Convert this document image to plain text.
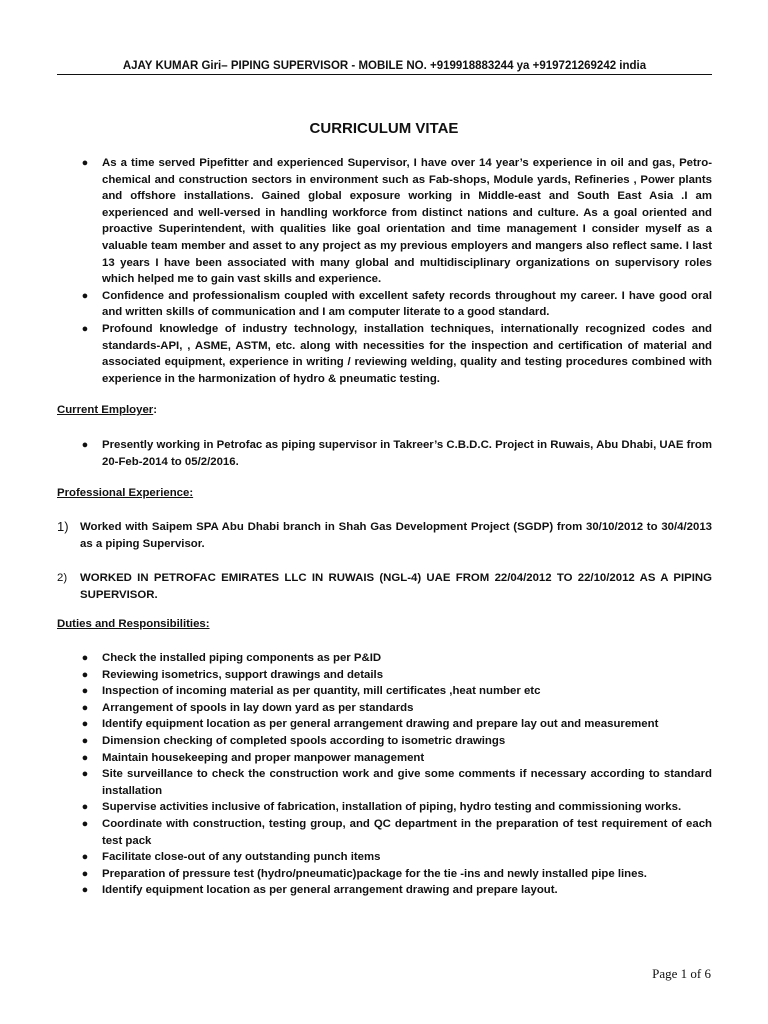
AJAY KUMAR Giri– PIPING SUPERVISOR - MOBILE NO. +919918883244 ya +919721269242 india
CURRICULUM VITAE
● As a time served Pipefitter and experienced Supervisor, I have over 14 year’s experience in oil and gas, Petro-chemical and construction sectors in environment such as Fab-shops, Module yards, Refineries , Power plants and offshore installations. Gained global exposure working in Middle-east and South East Asia .I am experienced and well-versed in handling workforce from distinct nations and culture. As a goal oriented and proactive Superintendent, with qualities like goal orientation and time management I consider myself as a valuable team member and asset to any project as my previous employers and mangers also reflect same. I last 13 years I have been associated with many global and multidisciplinary organizations on supervisory roles which helped me to gain vast skills and experience.
● Confidence and professionalism coupled with excellent safety records throughout my career. I have good oral and written skills of communication and I am computer literate to a good standard.
● Profound knowledge of industry technology, installation techniques, internationally recognized codes and standards-API, , ASME, ASTM, etc. along with necessities for the inspection and certification of material and associated equipment, experience in writing / reviewing welding, quality and testing procedures combined with experience in the harmonization of hydro & pneumatic testing.
Current Employer:
● Presently working in Petrofac as piping supervisor in Takreer’s C.B.D.C. Project in Ruwais, Abu Dhabi, UAE from 20-Feb-2014 to 05/2/2016.
Professional Experience:
1) Worked with Saipem SPA Abu Dhabi branch in Shah Gas Development Project (SGDP) from 30/10/2012 to 30/4/2013 as a piping Supervisor.
2) WORKED IN PETROFAC EMIRATES LLC IN RUWAIS (NGL-4) UAE FROM 22/04/2012 TO 22/10/2012 AS A PIPING SUPERVISOR.
Duties and Responsibilities:
● Check the installed piping components as per P&ID
● Reviewing isometrics, support drawings and details
● Inspection of incoming material as per quantity, mill certificates ,heat number etc
● Arrangement of spools in lay down yard as per standards
● Identify equipment location as per general arrangement drawing and prepare lay out and measurement
● Dimension checking of completed spools according to isometric drawings
● Maintain housekeeping and proper manpower management
● Site surveillance to check the construction work and give some comments if necessary according to standard installation
● Supervise activities inclusive of fabrication, installation of piping, hydro testing and commissioning works.
● Coordinate with construction, testing group, and QC department in the preparation of test requirement of each test pack
● Facilitate close-out of any outstanding punch items
● Preparation of pressure test (hydro/pneumatic)package for the tie -ins and newly installed pipe lines.
● Identify equipment location as per general arrangement drawing and prepare layout.
Page 1 of 6
